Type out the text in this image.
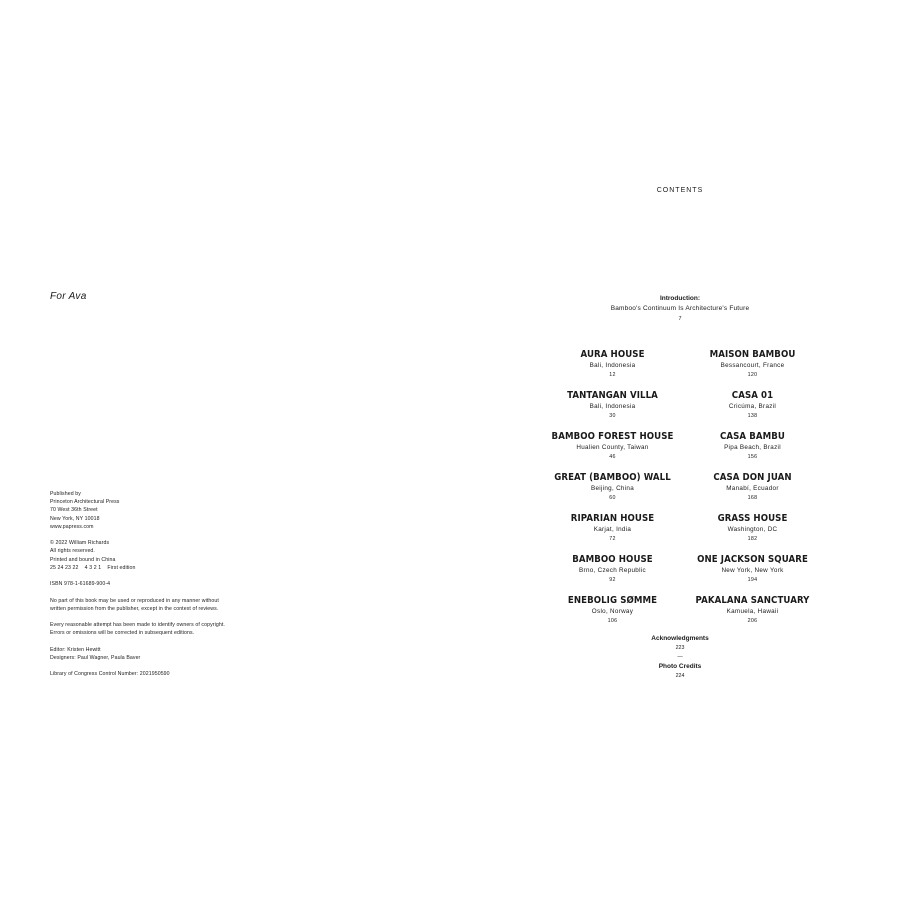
For Ava
Published by
Princeton Architectural Press
70 West 36th Street
New York, NY 10018
www.papress.com
© 2022 William Richards
All rights reserved.
Printed and bound in China
25 24 23 22    4 3 2 1    First edition
ISBN 978-1-61689-900-4
No part of this book may be used or reproduced in any manner without
written permission from the publisher, except in the context of reviews.
Every reasonable attempt has been made to identify owners of copyright.
Errors or omissions will be corrected in subsequent editions.
Editor: Kristen Hewitt
Designers: Paul Wagner, Paula Baver
Library of Congress Control Number: 2021950590
CONTENTS
Introduction:
Bamboo's Continuum Is Architecture's Future
7
AURA HOUSE
Bali, Indonesia
12
MAISON BAMBOU
Bessancourt, France
120
TANTANGAN VILLA
Bali, Indonesia
30
CASA 01
Cricúma, Brazil
138
BAMBOO FOREST HOUSE
Hualien County, Taiwan
46
CASA BAMBU
Pipa Beach, Brazil
156
GREAT (BAMBOO) WALL
Beijing, China
60
CASA DON JUAN
Manabí, Ecuador
168
RIPARIAN HOUSE
Karjat, India
72
GRASS HOUSE
Washington, DC
182
BAMBOO HOUSE
Brno, Czech Republic
92
ONE JACKSON SQUARE
New York, New York
194
ENEBOLIG SØMME
Oslo, Norway
106
PAKALANA SANCTUARY
Kamuela, Hawaii
206
Acknowledgments
223
—
Photo Credits
224
